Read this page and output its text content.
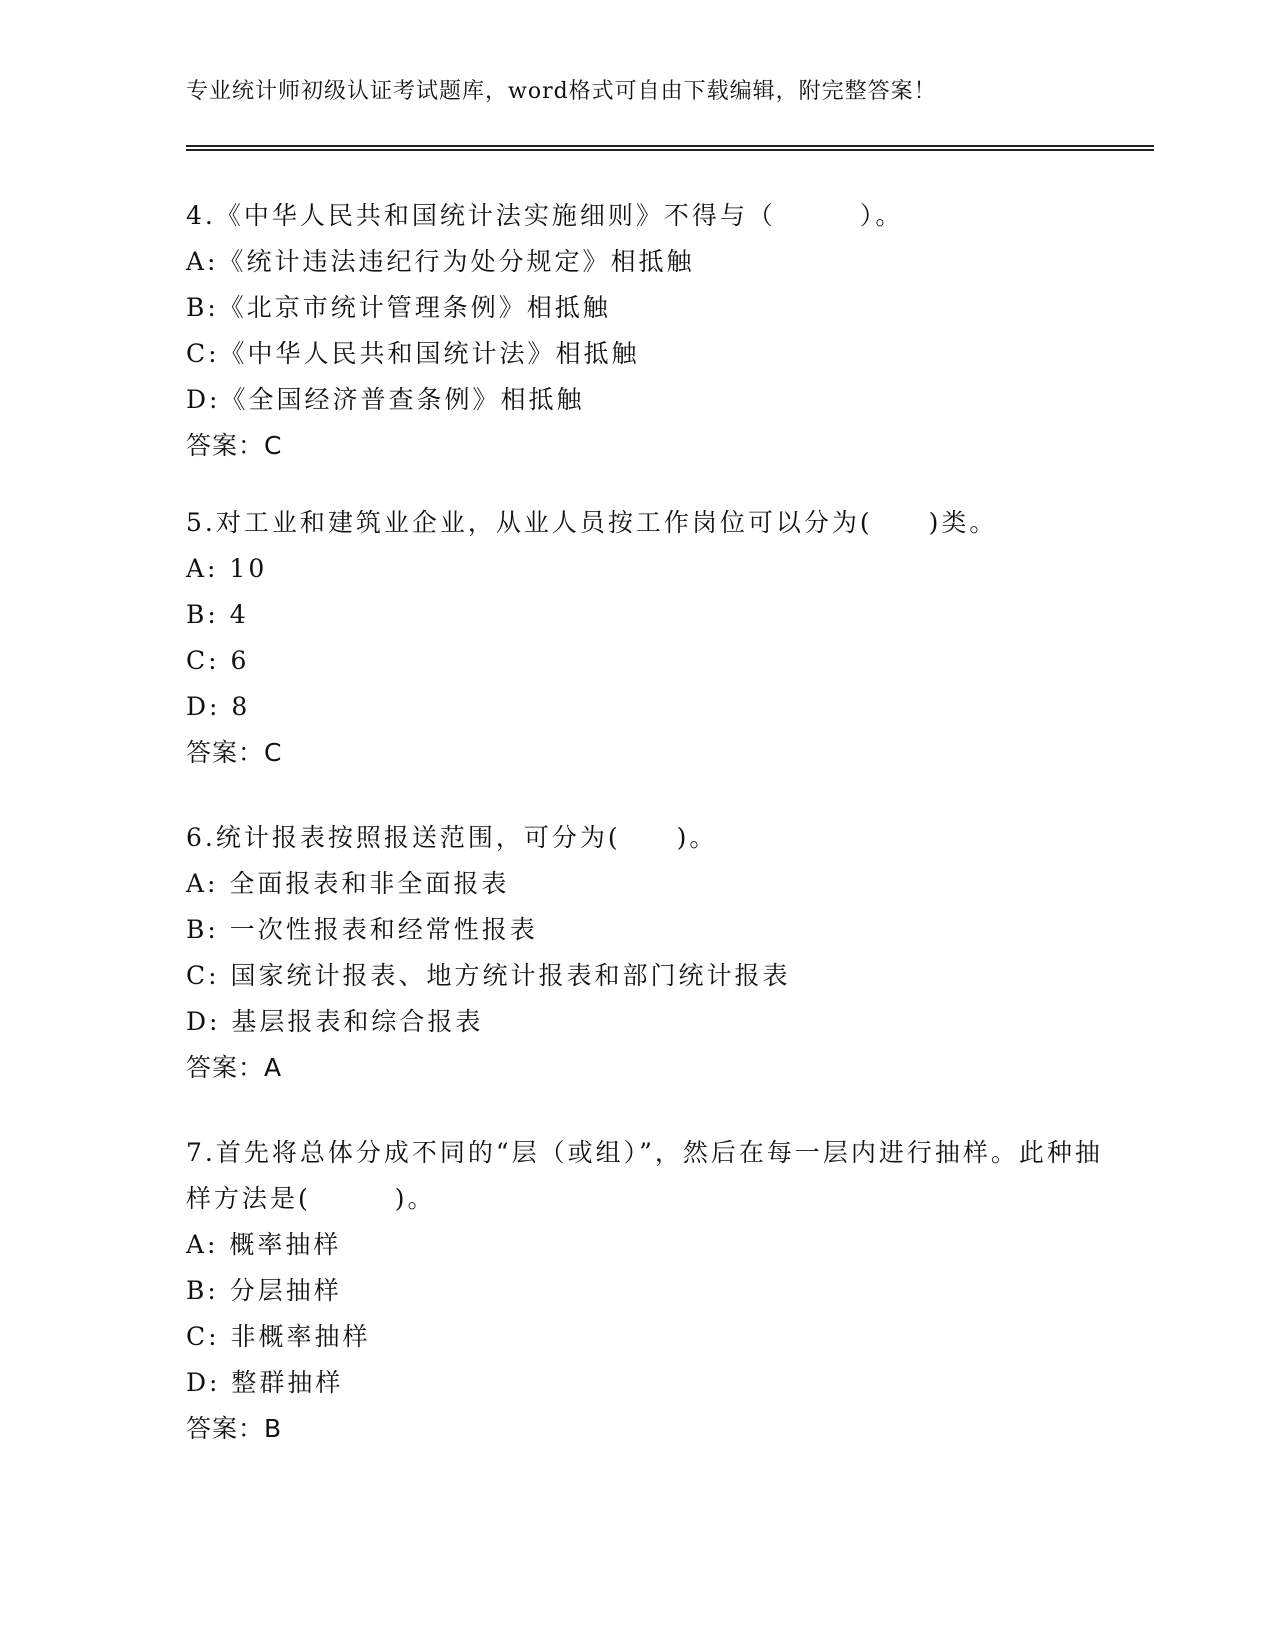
专业统计师初级认证考试题库，word格式可自由下载编辑，附完整答案！
4.《中华人民共和国统计法实施细则》不得与（　　　）。
A:《统计违法违纪行为处分规定》相抵触
B:《北京市统计管理条例》相抵触
C:《中华人民共和国统计法》相抵触
D:《全国经济普查条例》相抵触
答案：C
5.对工业和建筑业企业，从业人员按工作岗位可以分为(　　)类。
A: 10
B: 4
C: 6
D: 8
答案：C
6.统计报表按照报送范围，可分为(　　)。
A: 全面报表和非全面报表
B: 一次性报表和经常性报表
C: 国家统计报表、地方统计报表和部门统计报表
D: 基层报表和综合报表
答案：A
7.首先将总体分成不同的“层（或组）”，然后在每一层内进行抽样。此种抽样方法是(　　　)。
A: 概率抽样
B: 分层抽样
C: 非概率抽样
D: 整群抽样
答案：B
